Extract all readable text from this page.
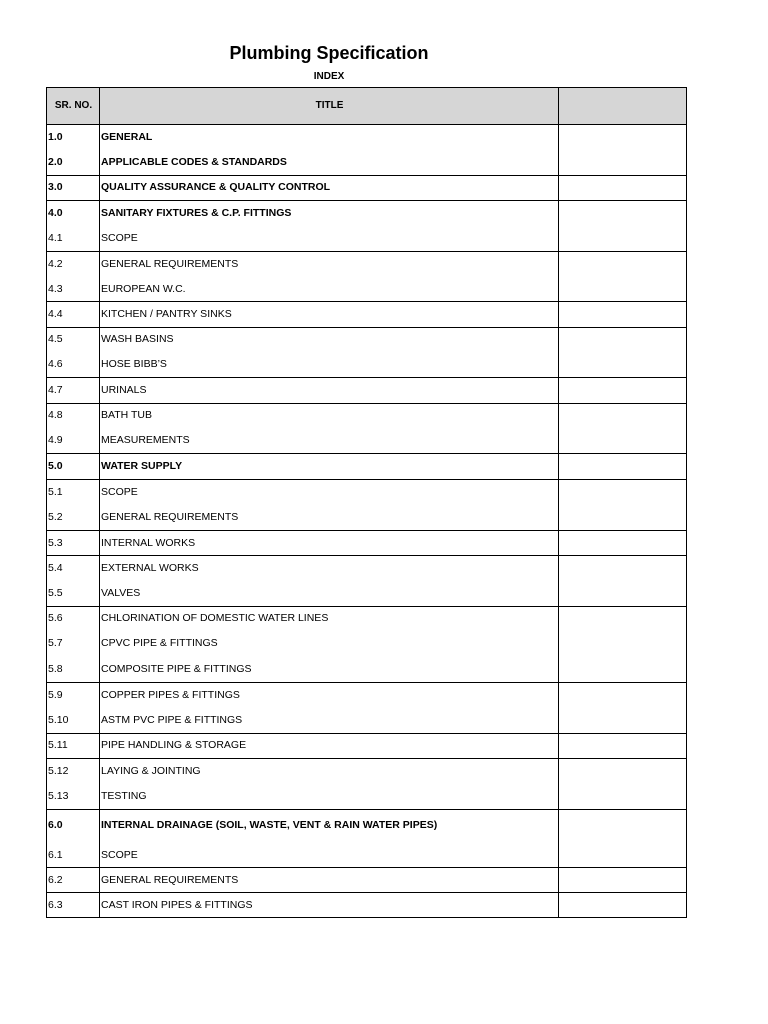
Plumbing Specification
INDEX
SR. NO.	TITLE
1.0	GENERAL
2.0	APPLICABLE CODES & STANDARDS
3.0	QUALITY ASSURANCE & QUALITY CONTROL
4.0	SANITARY FIXTURES & C.P. FITTINGS
4.1	SCOPE
4.2	GENERAL REQUIREMENTS
4.3	EUROPEAN W.C.
4.4	KITCHEN / PANTRY SINKS
4.5	WASH BASINS
4.6	HOSE BIBB’S
4.7	URINALS
4.8	BATH TUB
4.9	MEASUREMENTS
5.0	WATER SUPPLY
5.1	SCOPE
5.2	GENERAL REQUIREMENTS
5.3	INTERNAL WORKS
5.4	EXTERNAL WORKS
5.5	VALVES
5.6	CHLORINATION OF DOMESTIC WATER LINES
5.7	CPVC PIPE & FITTINGS
5.8	COMPOSITE PIPE & FITTINGS
5.9	COPPER PIPES & FITTINGS
5.10	ASTM PVC PIPE & FITTINGS
5.11	PIPE HANDLING & STORAGE
5.12	LAYING & JOINTING
5.13	TESTING
6.0	INTERNAL DRAINAGE (SOIL, WASTE, VENT & RAIN WATER PIPES)
6.1	SCOPE
6.2	GENERAL REQUIREMENTS
6.3	CAST IRON PIPES & FITTINGS
